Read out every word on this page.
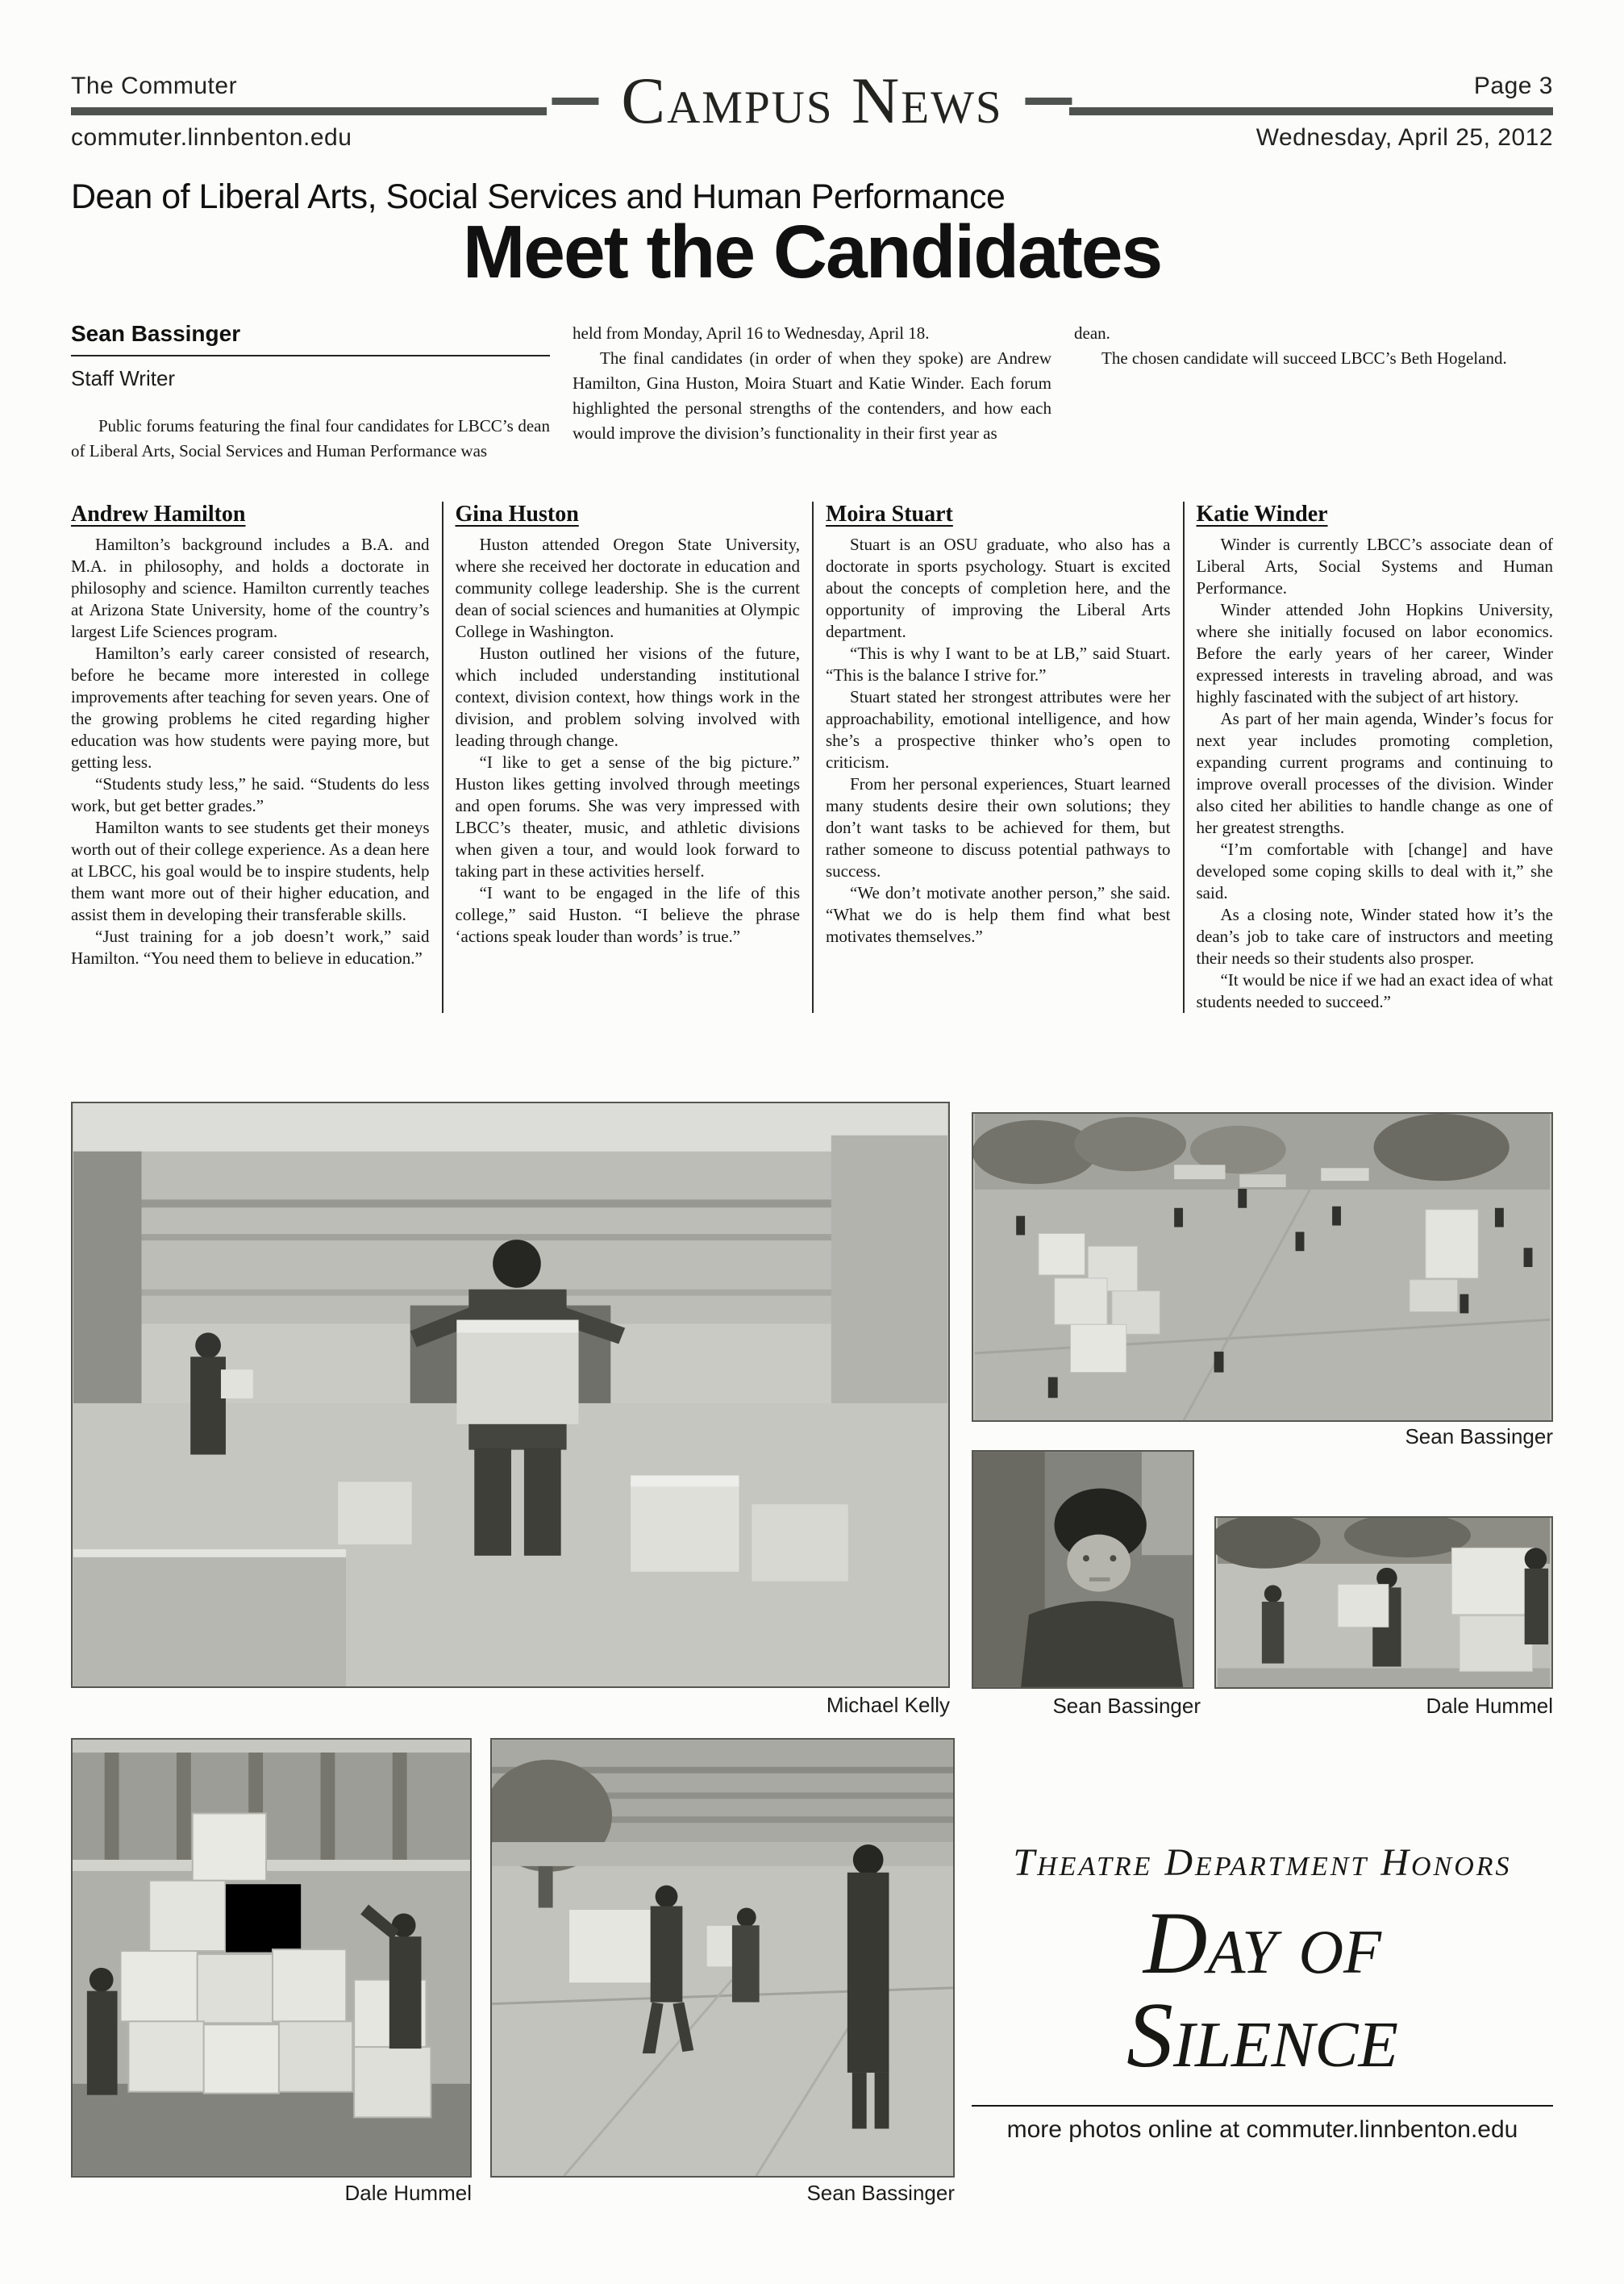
The Commuter
commuter.linnbenton.edu
Campus News	Page 3
Wednesday, April 25, 2012
Dean of Liberal Arts, Social Services and Human Performance
Meet the Candidates
Sean Bassinger
Staff Writer

Public forums featuring the final four candidates for LBCC’s dean of Liberal Arts, Social Services and Human Performance was

held from Monday, April 16 to Wednesday, April 18.

The final candidates (in order of when they spoke) are Andrew Hamilton, Gina Huston, Moira Stuart and Katie Winder. Each forum highlighted the personal strengths of the contenders, and how each would improve the division’s functionality in their first year as

dean.

The chosen candidate will succeed LBCC’s Beth Hogeland.

Andrew Hamilton

Hamilton’s background includes a B.A. and M.A. in philosophy, and holds a doctorate in philosophy and science. Hamilton currently teaches at Arizona State University, home of the country’s largest Life Sciences program.

Hamilton’s early career consisted of research, before he became more interested in college improvements after teaching for seven years. One of the growing problems he cited regarding higher education was how students were paying more, but getting less.

“Students study less,” he said. “Students do less work, but get better grades.”

Hamilton wants to see students get their moneys worth out of their college experience. As a dean here at LBCC, his goal would be to inspire students, help them want more out of their higher education, and assist them in developing their transferable skills.

“Just training for a job doesn’t work,” said Hamilton. “You need them to believe in education.”

Gina Huston

Huston attended Oregon State University, where she received her doctorate in education and community college leadership. She is the current dean of social sciences and humanities at Olympic College in Washington.

Huston outlined her visions of the future, which included understanding institutional context, division context, how things work in the division, and problem solving involved with leading through change.

“I like to get a sense of the big picture.” Huston likes getting involved through meetings and open forums. She was very impressed with LBCC’s theater, music, and athletic divisions when given a tour, and would look forward to taking part in these activities herself.

“I want to be engaged in the life of this college,” said Huston. “I believe the phrase ‘actions speak louder than words’ is true.”

Moira Stuart

Stuart is an OSU graduate, who also has a doctorate in sports psychology. Stuart is excited about the concepts of completion here, and the opportunity of improving the Liberal Arts department.

“This is why I want to be at LB,” said Stuart. “This is the balance I strive for.”

Stuart stated her strongest attributes were her approachability, emotional intelligence, and how she’s a prospective thinker who’s open to criticism.

From her personal experiences, Stuart learned many students desire their own solutions; they don’t want tasks to be achieved for them, but rather someone to discuss potential pathways to success.

“We don’t motivate another person,” she said. “What we do is help them find what best motivates themselves.”

Katie Winder

Winder is currently LBCC’s associate dean of Liberal Arts, Social Systems and Human Performance.

Winder attended John Hopkins University, where she initially focused on labor economics. Before the early years of her career, Winder expressed interests in traveling abroad, and was highly fascinated with the subject of art history.

As part of her main agenda, Winder’s focus for next year includes promoting completion, expanding current programs and continuing to improve overall processes of the division. Winder also cited her abilities to handle change as one of her greatest strengths.

“I’m comfortable with [change] and have developed some coping skills to deal with it,” she said.

As a closing note, Winder stated how it’s the dean’s job to take care of instructors and meeting their needs so their students also prosper.

“It would be nice if we had an exact idea of what students needed to succeed.”

Michael Kelly
Sean Bassinger
Sean Bassinger	Dale Hummel
Dale Hummel	Sean Bassinger
Theatre Department Honors
Day of
Silence
more photos online at commuter.linnbenton.edu
